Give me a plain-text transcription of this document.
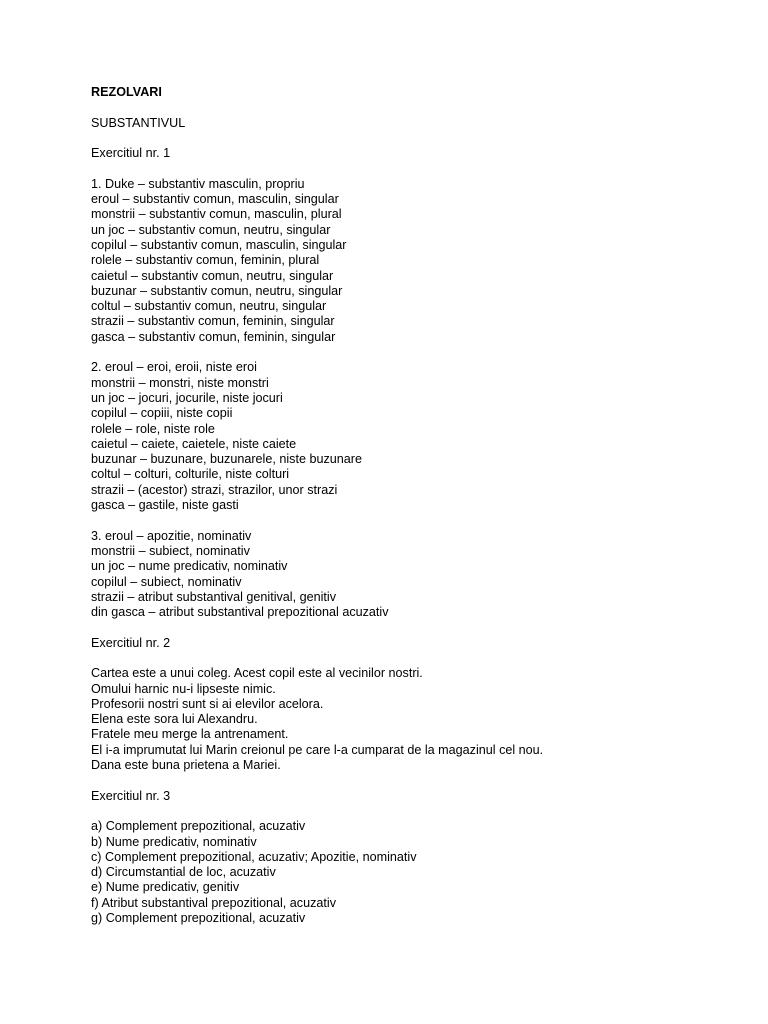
REZOLVARI
SUBSTANTIVUL
Exercitiul nr. 1
1. Duke – substantiv masculin, propriu
eroul – substantiv comun, masculin, singular
monstrii – substantiv comun, masculin, plural
un joc – substantiv comun, neutru, singular
copilul – substantiv comun, masculin, singular
rolele – substantiv comun, feminin, plural
caietul – substantiv comun, neutru, singular
buzunar – substantiv comun, neutru, singular
coltul – substantiv comun, neutru, singular
strazii – substantiv comun, feminin, singular
gasca – substantiv comun, feminin, singular
2. eroul – eroi, eroii, niste eroi
monstrii – monstri, niste monstri
un joc – jocuri, jocurile, niste jocuri
copilul – copiii, niste copii
rolele – role, niste role
caietul – caiete, caietele, niste caiete
buzunar – buzunare, buzunarele, niste buzunare
coltul – colturi, colturile, niste colturi
strazii – (acestor) strazi, strazilor, unor strazi
gasca – gastile, niste gasti
3. eroul – apozitie, nominativ
monstrii – subiect, nominativ
un joc – nume predicativ, nominativ
copilul – subiect, nominativ
strazii – atribut substantival genitival, genitiv
din gasca – atribut substantival prepozitional acuzativ
Exercitiul nr. 2
Cartea este a unui coleg. Acest copil este al vecinilor nostri.
Omului harnic nu-i lipseste nimic.
Profesorii nostri sunt si ai elevilor acelora.
Elena este sora lui Alexandru.
Fratele meu merge la antrenament.
El i-a imprumutat lui Marin creionul pe care l-a cumparat de la magazinul cel nou.
Dana este buna prietena a Mariei.
Exercitiul nr. 3
a) Complement prepozitional, acuzativ
b) Nume predicativ, nominativ
c) Complement prepozitional, acuzativ; Apozitie, nominativ
d) Circumstantial de loc, acuzativ
e) Nume predicativ, genitiv
f) Atribut substantival prepozitional, acuzativ
g) Complement prepozitional, acuzativ
